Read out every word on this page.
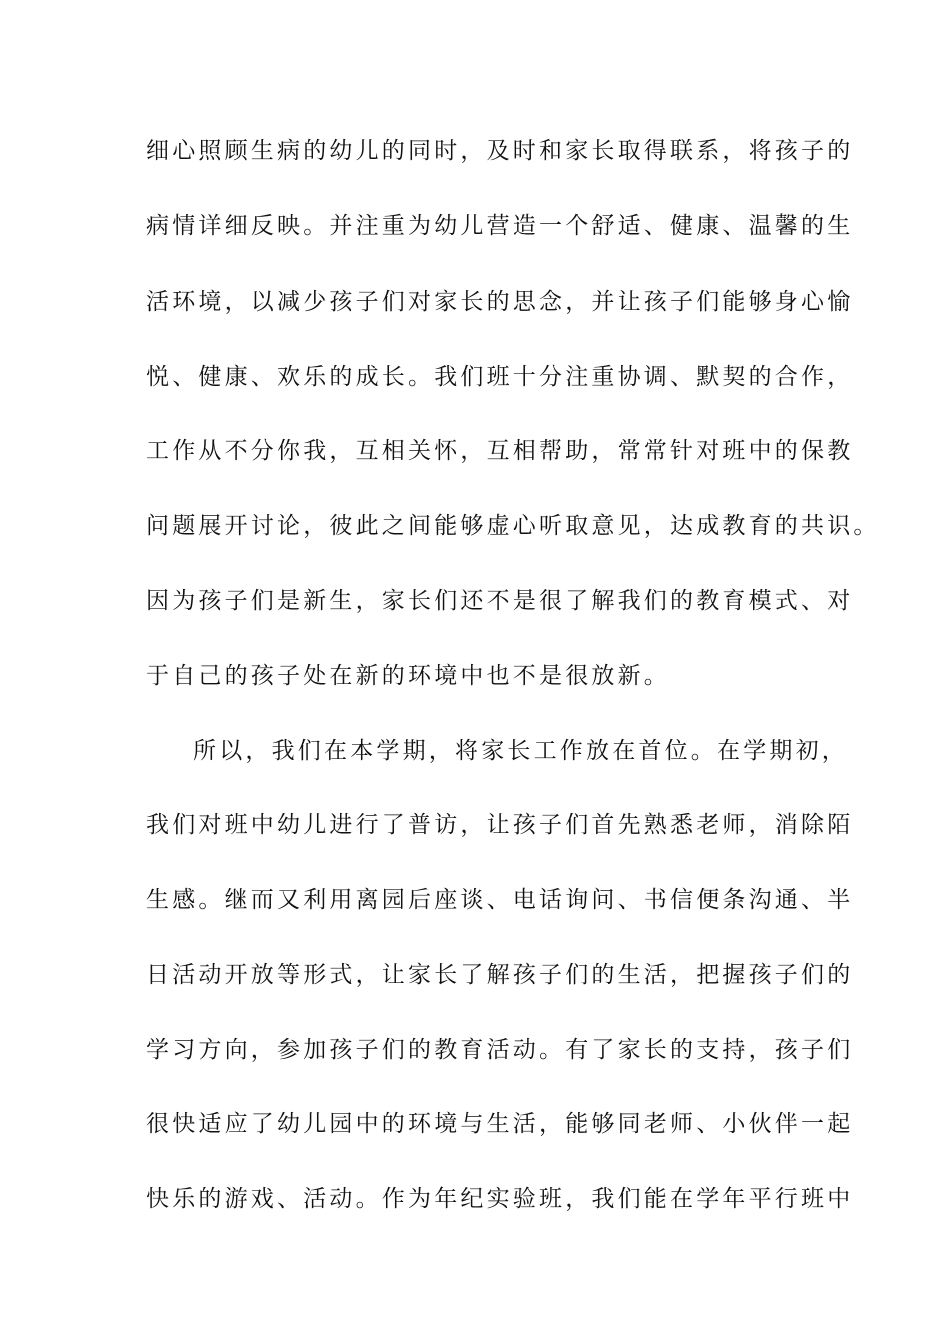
细心照顾生病的幼儿的同时，及时和家长取得联系，将孩子的
病情详细反映。并注重为幼儿营造一个舒适、健康、温馨的生
活环境，以减少孩子们对家长的思念，并让孩子们能够身心愉
悦、健康、欢乐的成长。我们班十分注重协调、默契的合作，
工作从不分你我，互相关怀，互相帮助，常常针对班中的保教
问题展开讨论，彼此之间能够虚心听取意见，达成教育的共识。
因为孩子们是新生，家长们还不是很了解我们的教育模式、对
于自己的孩子处在新的环境中也不是很放新。
所以，我们在本学期，将家长工作放在首位。在学期初，
我们对班中幼儿进行了普访，让孩子们首先熟悉老师，消除陌
生感。继而又利用离园后座谈、电话询问、书信便条沟通、半
日活动开放等形式，让家长了解孩子们的生活，把握孩子们的
学习方向，参加孩子们的教育活动。有了家长的支持，孩子们
很快适应了幼儿园中的环境与生活，能够同老师、小伙伴一起
快乐的游戏、活动。作为年纪实验班，我们能在学年平行班中
